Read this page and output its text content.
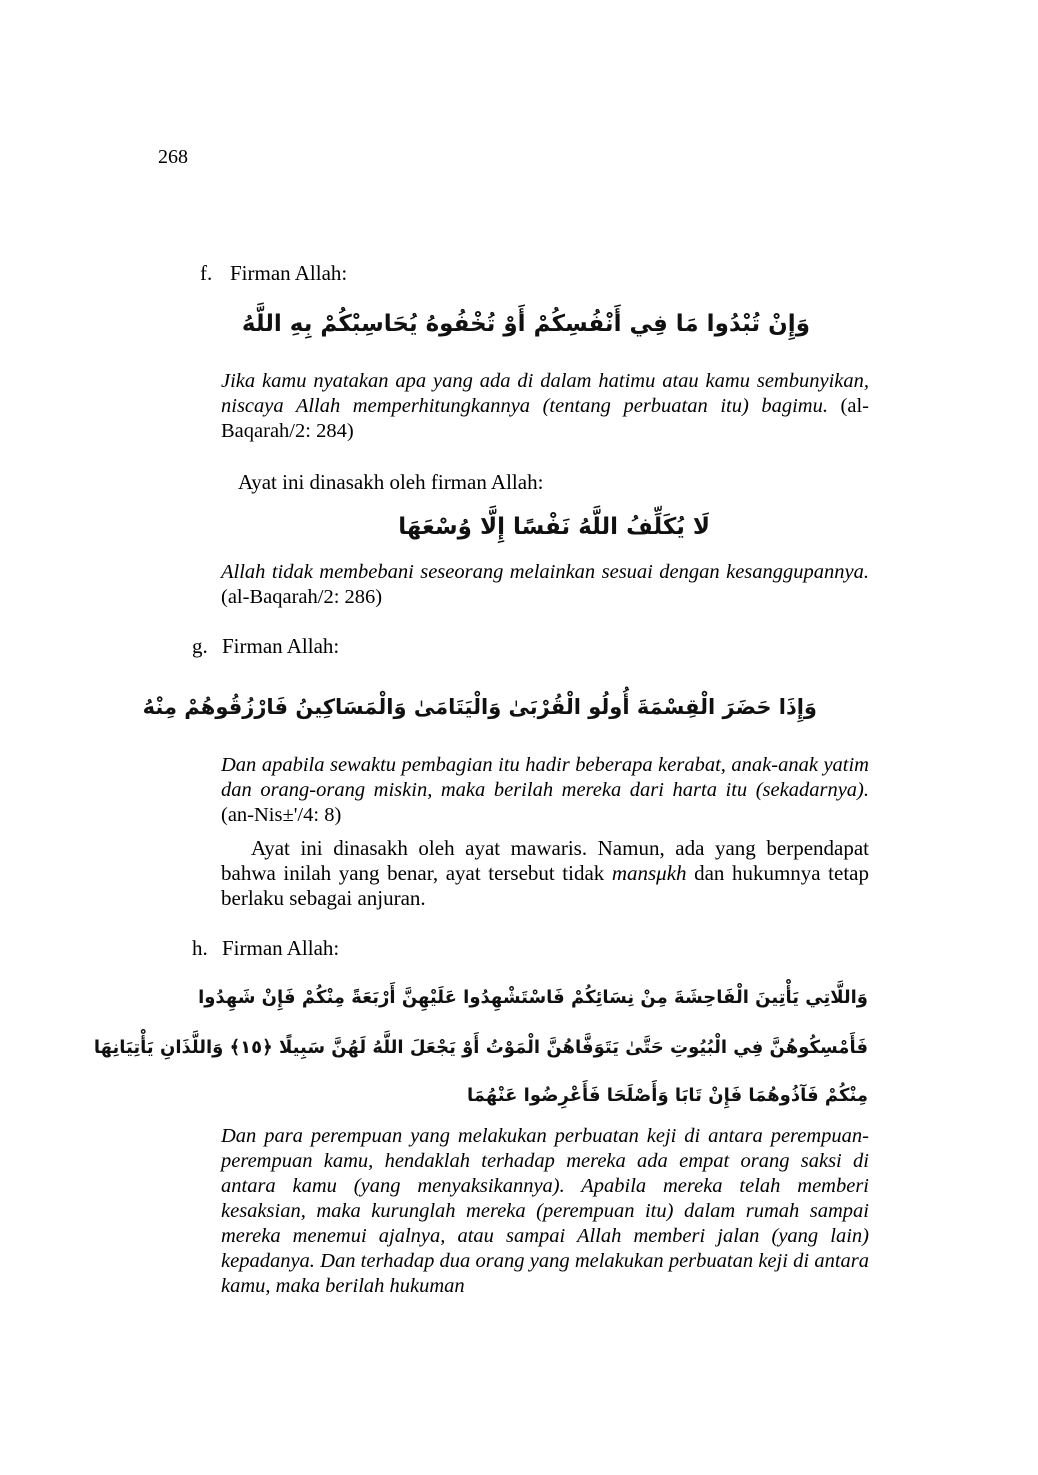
268
f. Firman Allah:
وَإِنْ تُبْدُوا مَا فِي أَنْفُسِكُمْ أَوْ تُخْفُوهُ يُحَاسِبْكُمْ بِهِ اللَّهُ
Jika kamu nyatakan apa yang ada di dalam hatimu atau kamu sembunyikan, niscaya Allah memperhitungkannya (tentang perbuatan itu) bagimu. (al-Baqarah/2: 284)
Ayat ini dinasakh oleh firman Allah:
لَا يُكَلِّفُ اللَّهُ نَفْسًا إِلَّا وُسْعَهَا
Allah tidak membebani seseorang melainkan sesuai dengan kesanggupannya. (al-Baqarah/2: 286)
g. Firman Allah:
وَإِذَا حَضَرَ الْقِسْمَةَ أُولُو الْقُرْبَىٰ وَالْيَتَامَىٰ وَالْمَسَاكِينُ فَارْزُقُوهُمْ مِنْهُ
Dan apabila sewaktu pembagian itu hadir beberapa kerabat, anak-anak yatim dan orang-orang miskin, maka berilah mereka dari harta itu (sekadarnya). (an-Nis±'/4: 8)
Ayat ini dinasakh oleh ayat mawaris. Namun, ada yang berpendapat bahwa inilah yang benar, ayat tersebut tidak mansμkh dan hukumnya tetap berlaku sebagai anjuran.
h. Firman Allah:
وَاللَّاتِي يَأْتِينَ الْفَاحِشَةَ مِنْ نِسَائِكُمْ فَاسْتَشْهِدُوا عَلَيْهِنَّ أَرْبَعَةً مِنْكُمْ فَإِنْ شَهِدُوا
فَأَمْسِكُوهُنَّ فِي الْبُيُوتِ حَتَّىٰ يَتَوَفَّاهُنَّ الْمَوْتُ أَوْ يَجْعَلَ اللَّهُ لَهُنَّ سَبِيلًا ﴿١٥﴾ وَاللَّذَانِ يَأْتِيَانِهَا
مِنْكُمْ فَآذُوهُمَا فَإِنْ تَابَا وَأَصْلَحَا فَأَعْرِضُوا عَنْهُمَا
Dan para perempuan yang melakukan perbuatan keji di antara perempuan-perempuan kamu, hendaklah terhadap mereka ada empat orang saksi di antara kamu (yang menyaksikannya). Apabila mereka telah memberi kesaksian, maka kurunglah mereka (perempuan itu) dalam rumah sampai mereka menemui ajalnya, atau sampai Allah memberi jalan (yang lain) kepadanya. Dan terhadap dua orang yang melakukan perbuatan keji di antara kamu, maka berilah hukuman
